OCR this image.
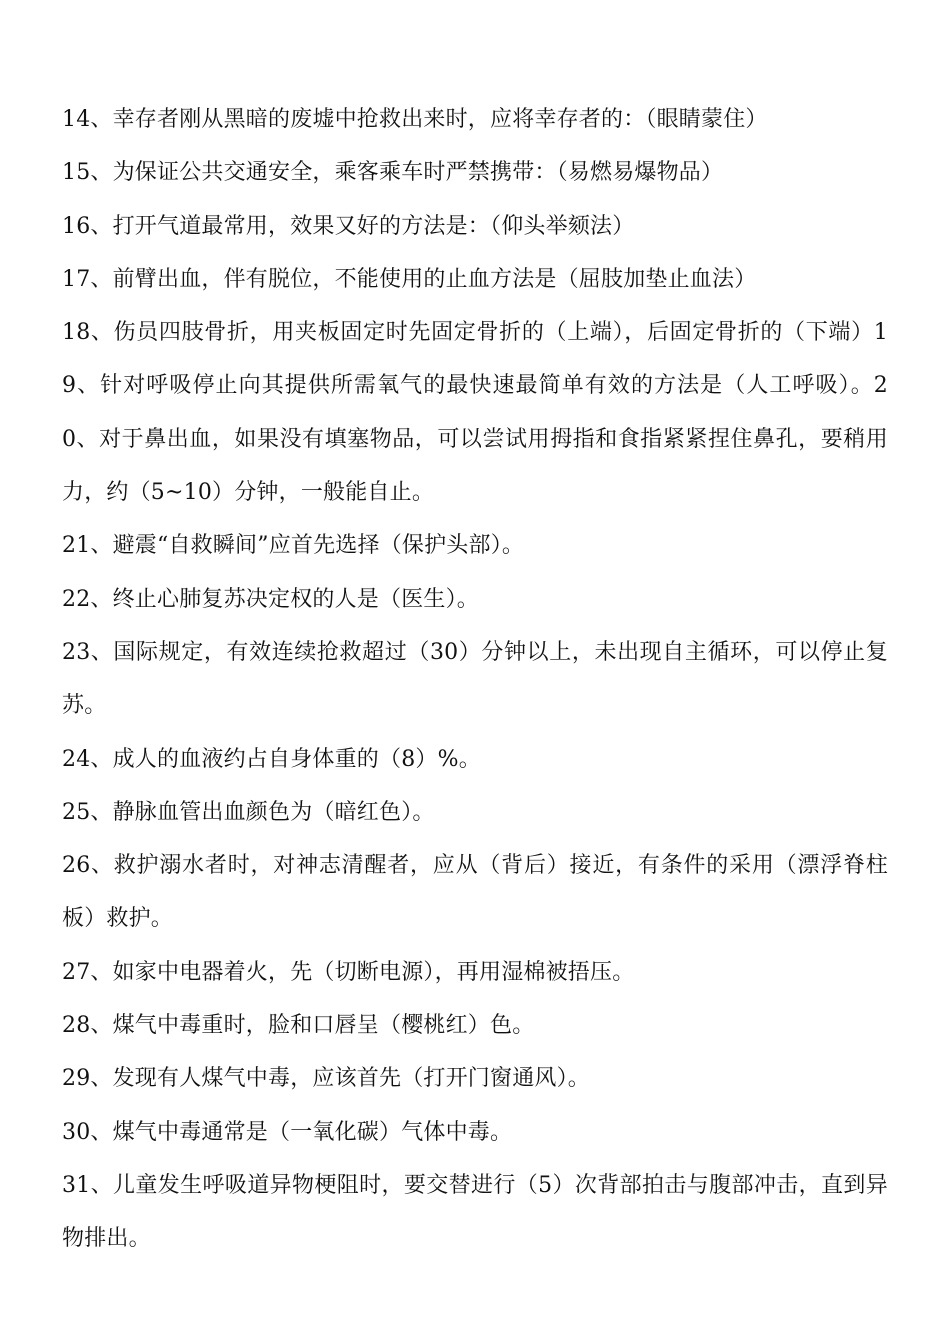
14、幸存者刚从黑暗的废墟中抢救出来时，应将幸存者的：（眼睛蒙住）

15、为保证公共交通安全，乘客乘车时严禁携带：（易燃易爆物品）

16、打开气道最常用，效果又好的方法是：（仰头举颏法）

17、前臂出血，伴有脱位，不能使用的止血方法是（屈肢加垫止血法）

18、伤员四肢骨折，用夹板固定时先固定骨折的（上端），后固定骨折的（下端）19、针对呼吸停止向其提供所需氧气的最快速最简单有效的方法是（人工呼吸）。20、对于鼻出血，如果没有填塞物品，可以尝试用拇指和食指紧紧捏住鼻孔，要稍用力，约（5~10）分钟，一般能自止。

21、避震“自救瞬间”应首先选择（保护头部）。

22、终止心肺复苏决定权的人是（医生）。

23、国际规定，有效连续抢救超过（30）分钟以上，未出现自主循环，可以停止复苏。

24、成人的血液约占自身体重的（8）%。

25、静脉血管出血颜色为（暗红色）。

26、救护溺水者时，对神志清醒者，应从（背后）接近，有条件的采用（漂浮脊柱板）救护。

27、如家中电器着火，先（切断电源），再用湿棉被捂压。

28、煤气中毒重时，脸和口唇呈（樱桃红）色。

29、发现有人煤气中毒，应该首先（打开门窗通风）。

30、煤气中毒通常是（一氧化碳）气体中毒。

31、儿童发生呼吸道异物梗阻时，要交替进行（5）次背部拍击与腹部冲击，直到异物排出。
